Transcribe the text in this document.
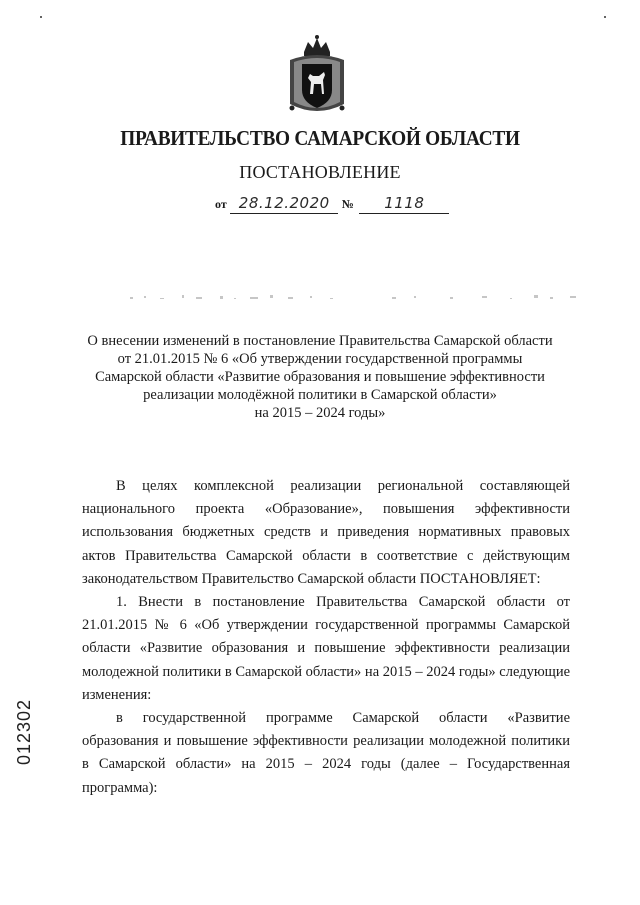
ПРАВИТЕЛЬСТВО САМАРСКОЙ ОБЛАСТИ
ПОСТАНОВЛЕНИЕ
от 28.12.2020 № 1118
О внесении изменений в постановление Правительства Самарской области
от 21.01.2015 № 6 «Об утверждении государственной программы
Самарской области «Развитие образования и повышение эффективности
реализации молодёжной политики в Самарской области»
на 2015 – 2024 годы»
В целях комплексной реализации региональной составляющей
национального проекта «Образование», повышения эффективности
использования бюджетных средств и приведения нормативных правовых
актов Правительства Самарской области в соответствие с действующим
законодательством Правительство Самарской области ПОСТАНОВЛЯЕТ:
1. Внести в постановление Правительства Самарской области от
21.01.2015 № 6 «Об утверждении государственной программы Самарской
области «Развитие образования и повышение эффективности реализации
молодежной политики в Самарской области» на 2015 – 2024 годы» следующие
изменения:
в государственной программе Самарской области «Развитие
образования и повышение эффективности реализации молодежной политики
в Самарской области» на 2015 – 2024 годы (далее – Государственная
программа):
012302
